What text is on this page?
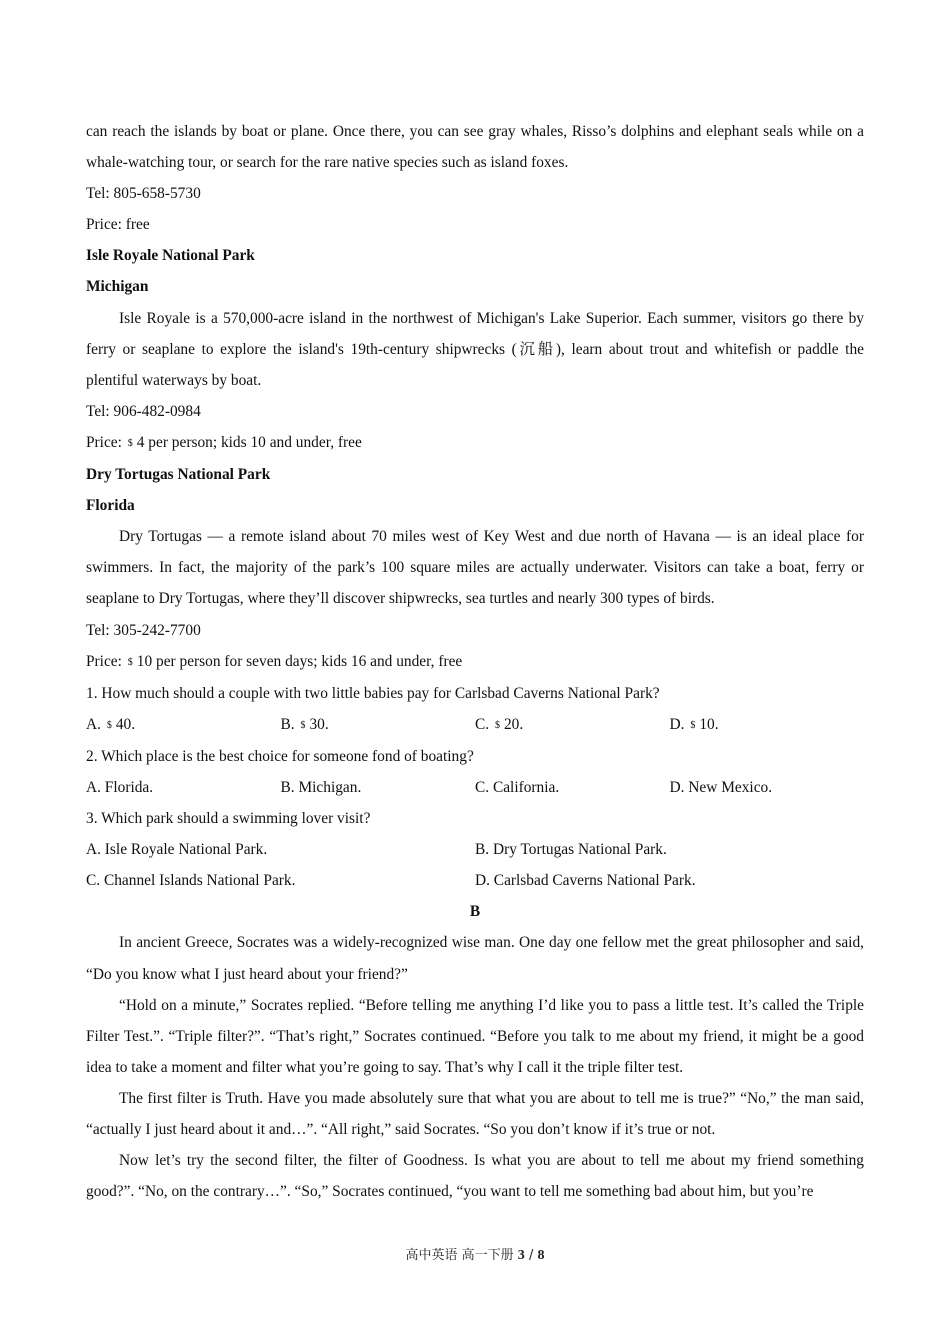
can reach the islands by boat or plane. Once there, you can see gray whales, Risso’s dolphins and elephant seals while on a whale-watching tour, or search for the rare native species such as island foxes.

Tel: 805-658-5730

Price: free

Isle Royale National Park

Michigan

Isle Royale is a 570,000-acre island in the northwest of Michigan's Lake Superior. Each summer, visitors go there by ferry or seaplane to explore the island's 19th-century shipwrecks (沉船), learn about trout and whitefish or paddle the plentiful waterways by boat.

Tel: 906-482-0984

Price: $ 4 per person; kids 10 and under, free

Dry Tortugas National Park

Florida

Dry Tortugas — a remote island about 70 miles west of Key West and due north of Havana — is an ideal place for swimmers. In fact, the majority of the park’s 100 square miles are actually underwater. Visitors can take a boat, ferry or seaplane to Dry Tortugas, where they’ll discover shipwrecks, sea turtles and nearly 300 types of birds.

Tel: 305-242-7700

Price: $ 10 per person for seven days; kids 16 and under, free

1. How much should a couple with two little babies pay for Carlsbad Caverns National Park?

A. $ 40.	B. $ 30.	C. $ 20.	D. $ 10.

2. Which place is the best choice for someone fond of boating?

A. Florida.	B. Michigan.	C. California.	D. New Mexico.

3. Which park should a swimming lover visit?

A. Isle Royale National Park.	B. Dry Tortugas National Park.
C. Channel Islands National Park.	D. Carlsbad Caverns National Park.

B

In ancient Greece, Socrates was a widely-recognized wise man. One day one fellow met the great philosopher and said, “Do you know what I just heard about your friend?”

“Hold on a minute,” Socrates replied. “Before telling me anything I’d like you to pass a little test. It’s called the Triple Filter Test.”. “Triple filter?”. “That’s right,” Socrates continued. “Before you talk to me about my friend, it might be a good idea to take a moment and filter what you’re going to say. That’s why I call it the triple filter test.

The first filter is Truth. Have you made absolutely sure that what you are about to tell me is true?” “No,” the man said, “actually I just heard about it and…”. “All right,” said Socrates. “So you don’t know if it’s true or not.

Now let’s try the second filter, the filter of Goodness. Is what you are about to tell me about my friend something good?”. “No, on the contrary…”. “So,” Socrates continued, “you want to tell me something bad about him, but you’re

高中英语 高一下册 3 / 8
